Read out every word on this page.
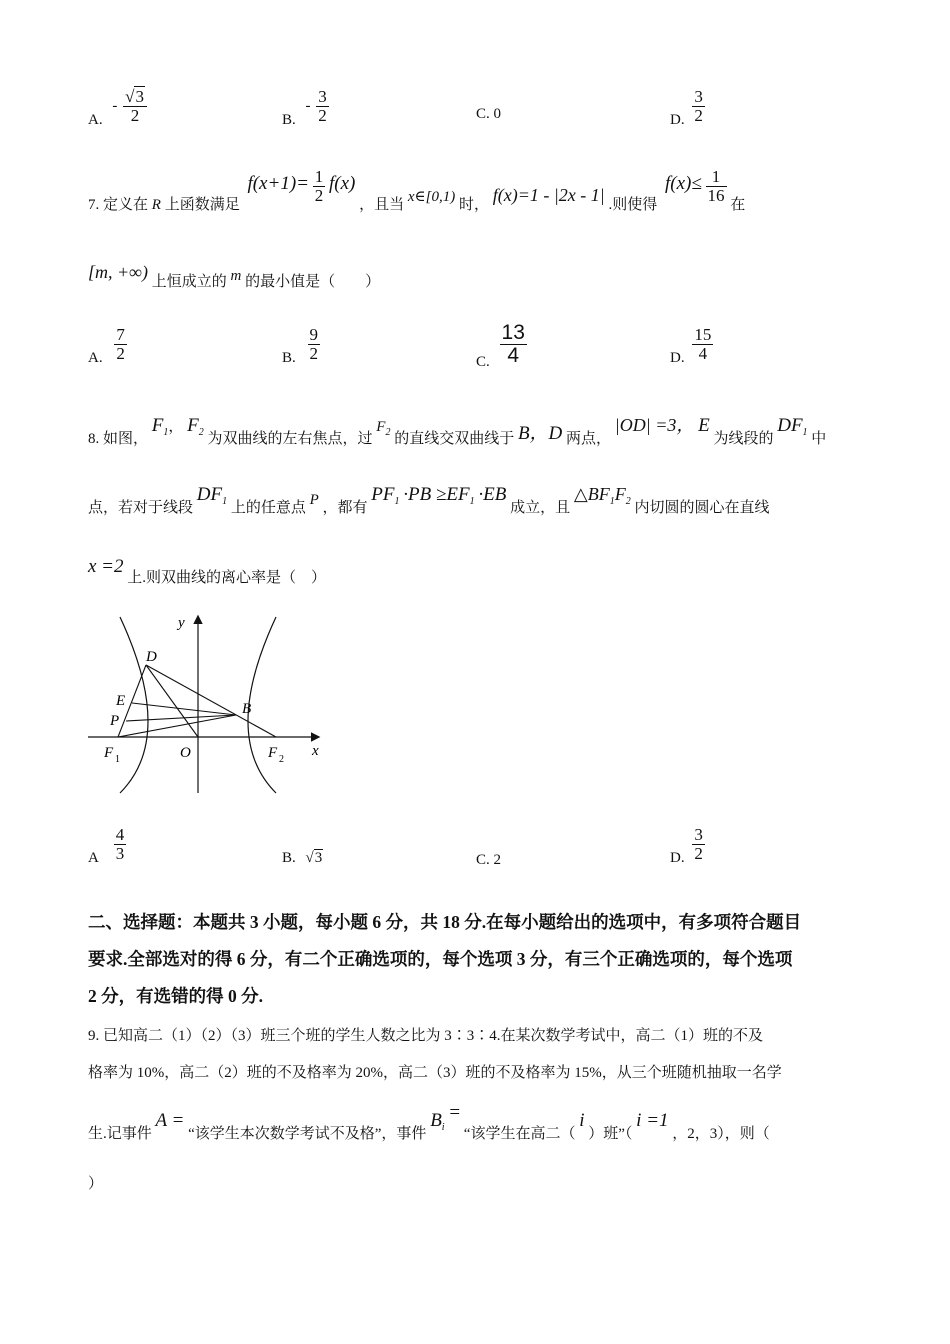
A. - $\frac{√3}{2}$	B. - $\frac{3}{2}$	C. 0	D. $\frac{3}{2}$
7. 定义在 R 上函数满足 $f(x+1)= \frac{1}{2} f(x)$ ，且当 x∈[0,1) 时， f(x)=1 - |2x - 1| .则使得 $f(x)\le \frac{1}{16}$
在
[m, +∞) 上恒成立的 m 的最小值是（　　）
A. $\frac{7}{2}$	B. $\frac{9}{2}$	C. $\frac{13}{4}$	D. $\frac{15}{4}$
8. 如图， $F_1$， $F_2$ 为双曲线的左右焦点，过 $F_2$ 的直线交双曲线于 B，D 两点， |OD| =3， E 为线段的 $DF_1$ 中
点，若对于线段 $DF_1$ 上的任意点 P ，都有 $PF_1 \cdot PB \ge EF_1 \cdot EB$ 成立，且 $\triangle BF_1F_2$ 内切圆的圆心在直线
x =2 上.则双曲线的离心率是（　）
y
x
D
E
P
B
F 1	O	F 2
A $\frac{4}{3}$	B. √3	C. 2	D. $\frac{3}{2}$
二、选择题：本题共 3 小题，每小题 6 分，共 18 分.在每小题给出的选项中，有多项符合题目
要求.全部选对的得 6 分，有二个正确选项的，每个选项 3 分，有三个正确选项的，每个选项
2 分，有选错的得 0 分.
9. 已知高二（1）（2）（3）班三个班的学生人数之比为 3∶3∶4.在某次数学考试中，高二（1）班的不及
格率为 10%，高二（2）班的不及格率为 20%，高二（3）班的不及格率为 15%，从三个班随机抽取一名学
生.记事件 A = “该学生本次数学考试不及格”，事件 $B_i$ = “该学生在高二（ i ）班”（ i =1 ，2，3），则（
）
